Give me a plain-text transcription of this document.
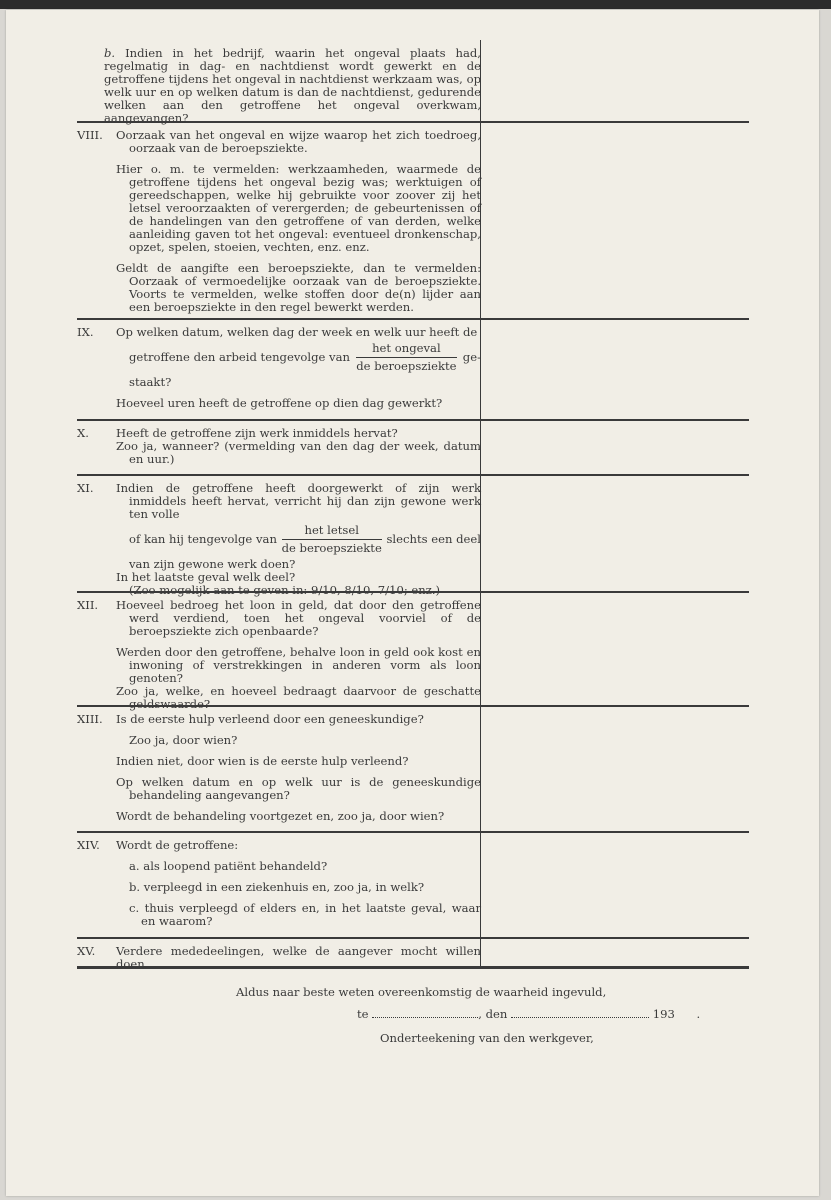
b. Indien in het bedrijf, waarin het ongeval plaats had, regelmatig in dag- en nachtdienst wordt gewerkt en de getroffene tijdens het ongeval in nachtdienst werkzaam was, op welk uur en op welken datum is dan de nachtdienst, gedurende welken aan den getroffene het ongeval overkwam, aangevangen?

VIII.	Oorzaak van het ongeval en wijze waarop het zich toedroeg, oorzaak van de beroepsziekte.

Hier o. m. te vermelden: werkzaamheden, waarmede de getroffene tijdens het ongeval bezig was; werktuigen of gereedschappen, welke hij gebruikte voor zoover zij het letsel veroorzaakten of verergerden; de gebeurtenissen of de handelingen van den getroffene of van derden, welke aanleiding gaven tot het ongeval: eventueel dronkenschap, opzet, spelen, stoeien, vechten, enz. enz.

Geldt de aangifte een beroepsziekte, dan te vermelden: Oorzaak of vermoedelijke oorzaak van de beroepsziekte. Voorts te vermelden, welke stoffen door de(n) lijder aan een beroepsziekte in den regel bewerkt werden.

IX.	Op welken datum, welken dag der week en welk uur heeft de

getroffene den arbeid tengevolge van $\frac{\text{het ongeval}}{\text{de beroepsziekte}} ge-$

staakt?

Hoeveel uren heeft de getroffene op dien dag gewerkt?

X.	Heeft de getroffene zijn werk inmiddels hervat?

Zoo ja, wanneer? (vermelding van den dag der week, datum en uur.)

XI.	Indien de getroffene heeft doorgewerkt of zijn werk inmiddels heeft hervat, verricht hij dan zijn gewone werk ten volle

of kan hij tengevolge van $\frac{\text{het letsel}}{\text{de beroepsziekte}}$ slechts een deel

van zijn gewone werk doen?

In het laatste geval welk deel?

(Zoo mogelijk aan te geven in: 9/10, 8/10, 7/10; enz.)

XII.	Hoeveel bedroeg het loon in geld, dat door den getroffene werd verdiend, toen het ongeval voorviel of de beroepsziekte zich openbaarde?

Werden door den getroffene, behalve loon in geld ook kost en inwoning of verstrekkingen in anderen vorm als loon genoten?

Zoo ja, welke, en hoeveel bedraagt daarvoor de geschatte geldswaarde?

XIII.	Is de eerste hulp verleend door een geneeskundige?

Zoo ja, door wien?

Indien niet, door wien is de eerste hulp verleend?

Op welken datum en op welk uur is de geneeskundige behandeling aangevangen?

Wordt de behandeling voortgezet en, zoo ja, door wien?

XIV.	Wordt de getroffene:

a. als loopend patiënt behandeld?

b. verpleegd in een ziekenhuis en, zoo ja, in welk?

c. thuis verpleegd of elders en, in het laatste geval, waar en waarom?

XV.	Verdere mededeelingen, welke de aangever mocht willen doen.

Aldus naar beste weten overeenkomstig de waarheid ingevuld,
te	, den	193 .
Onderteekening van den werkgever,
